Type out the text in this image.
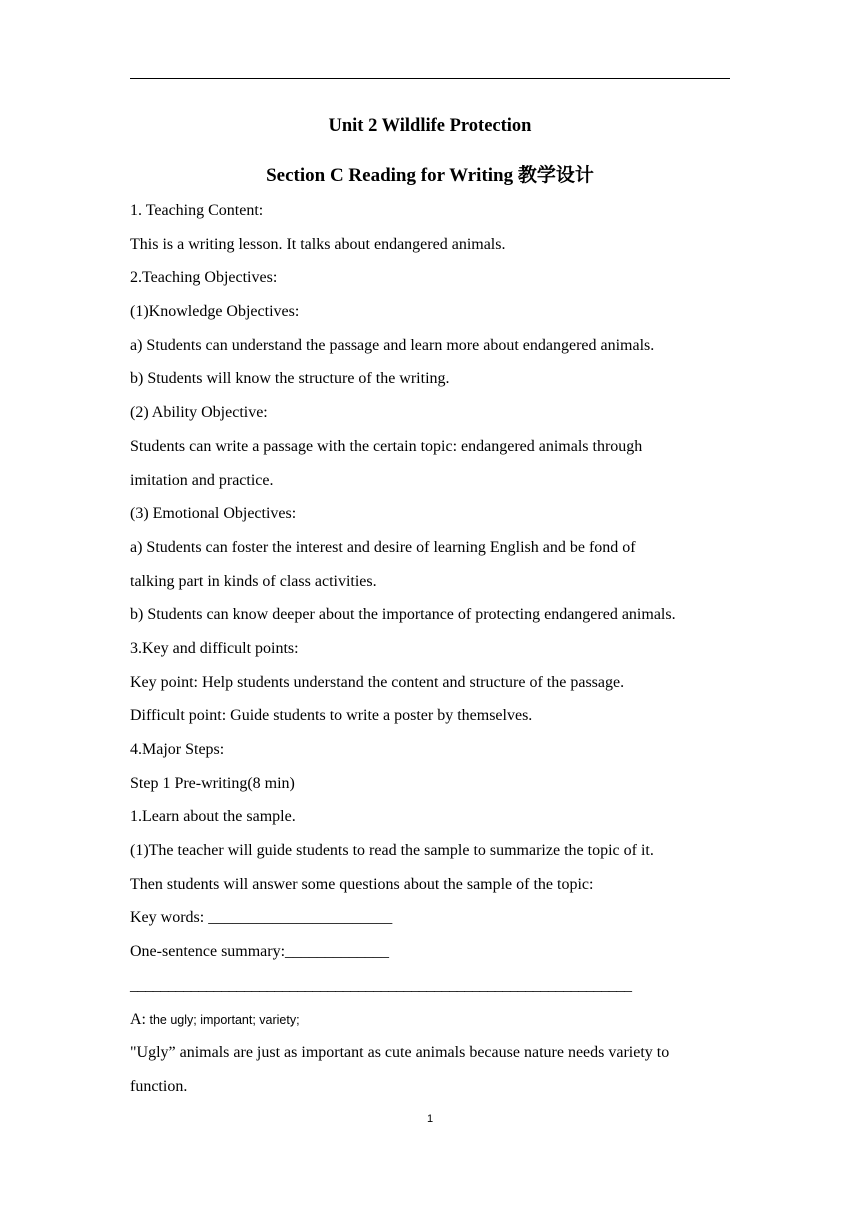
Unit 2 Wildlife Protection
Section C Reading for Writing 教学设计
1. Teaching Content:
This is a writing lesson. It talks about endangered animals.
2.Teaching Objectives:
(1)Knowledge Objectives:
a) Students can understand the passage and learn more about endangered animals.
b) Students will know the structure of the writing.
(2) Ability Objective:
Students can write a passage with the certain topic: endangered animals through
imitation and practice.
(3) Emotional Objectives:
a) Students can foster the interest and desire of learning English and be fond of
talking part in kinds of class activities.
b) Students can know deeper about the importance of protecting endangered animals.
3.Key and difficult points:
Key point: Help students understand the content and structure of the passage.
Difficult point: Guide students to write a poster by themselves.
4.Major Steps:
Step 1 Pre-writing(8 min)
1.Learn about the sample.
(1)The teacher will guide students to read the sample to summarize the topic of it.
Then students will answer some questions about the sample of the topic:
Key words: _______________________
One-sentence summary:_____________
__________________________________________________________________
A: the ugly; important; variety;
"Ugly” animals are just as important as cute animals because nature needs variety to
function.
1
